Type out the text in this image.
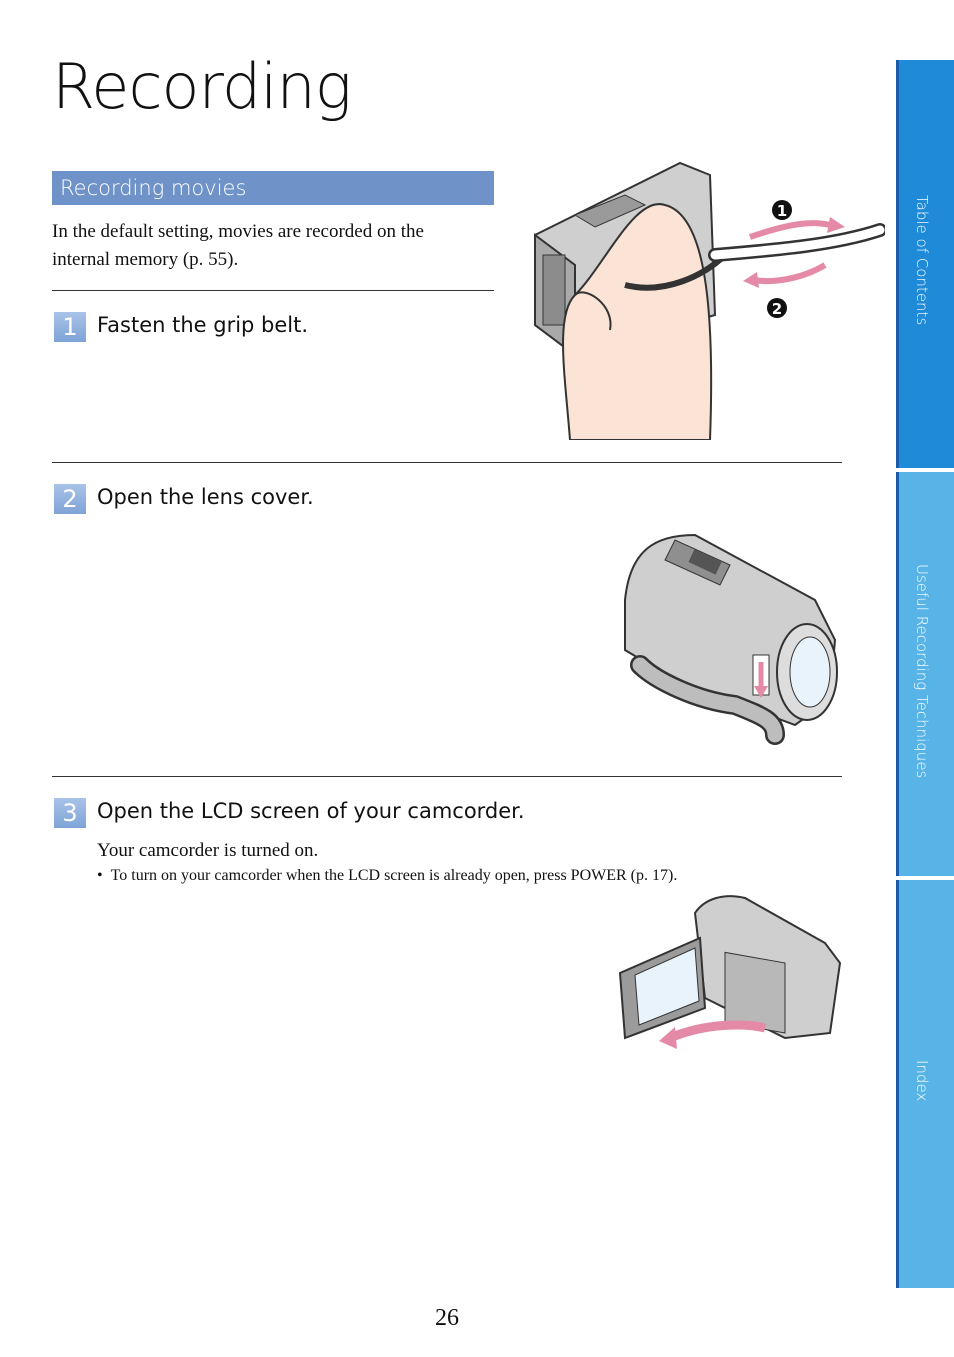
Recording
Recording movies
In the default setting, movies are recorded on the internal memory (p. 55).
1 Fasten the grip belt.
1
2
2 Open the lens cover.
3 Open the LCD screen of your camcorder.
Your camcorder is turned on.
•  To turn on your camcorder when the LCD screen is already open, press POWER (p. 17).
Table of Contents
Useful Recording Techniques
Index
26
